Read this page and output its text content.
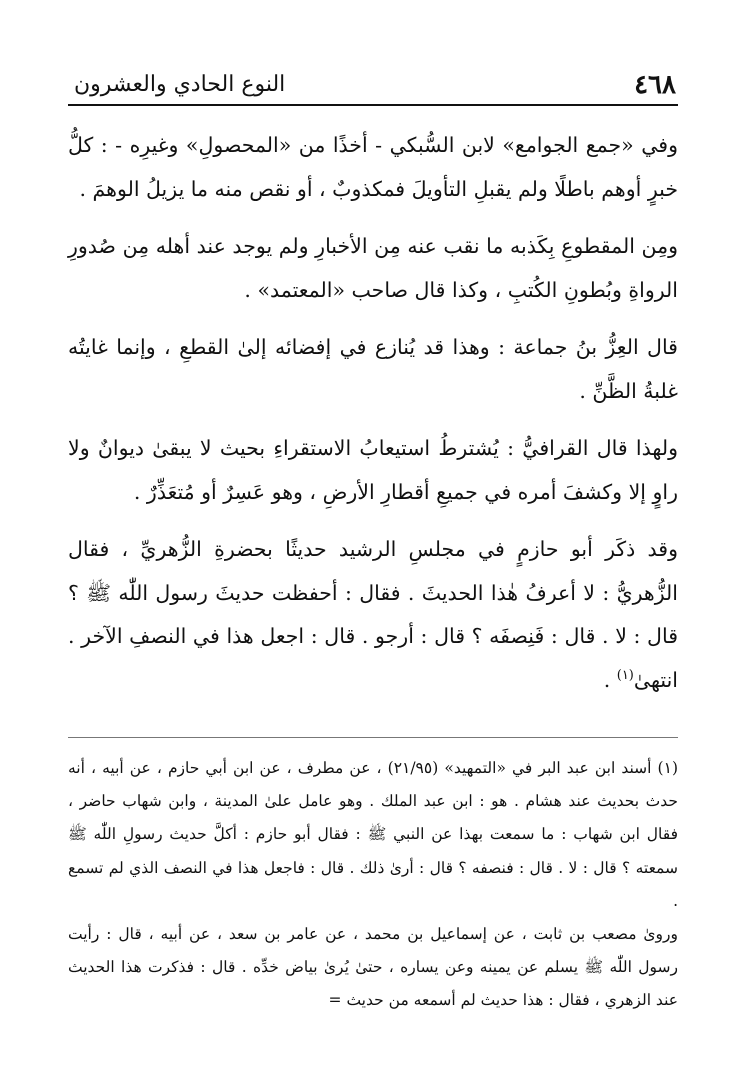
٤٦٨
النوع الحادي والعشرون

وفي «جمع الجوامع» لابن السُّبكي - أخذًا من «المحصولِ» وغيرِه - : كلُّ خبرٍ أوهم باطلًا ولم يقبلِ التأويلَ فمكذوبٌ ، أو نقص منه ما يزيلُ الوهمَ .

ومِن المقطوعِ بِكَذبه ما نقب عنه مِن الأخبارِ ولم يوجد عند أهله مِن صُدورِ الرواةِ وبُطونِ الكُتبِ ، وكذا قال صاحب «المعتمد» .

قال العِزُّ بنُ جماعة : وهذا قد يُنازع في إفضائه إلىٰ القطعِ ، وإنما غايتُه غلبةُ الظَّنِّ .

ولهذا قال القرافيُّ : يُشترطُ استيعابُ الاستقراءِ بحيث لا يبقىٰ ديوانٌ ولا راوٍ إلا وكشفَ أمره في جميعِ أقطارِ الأرضِ ، وهو عَسِرٌ أو مُتعَذِّرٌ .

وقد ذكَر أبو حازمٍ في مجلسِ الرشيد حديثًا بحضرةِ الزُّهريِّ ، فقال الزُّهريُّ : لا أعرفُ هٰذا الحديثَ . فقال : أحفظت حديثَ رسول اللّٰه ﷺ ؟ قال : لا . قال : فَنِصفَه ؟ قال : أرجو . قال : اجعل هذا في النصفِ الآخر . انتهىٰ$^{(١)}$ .

(١) أسند ابن عبد البر في «التمهيد» (٢١/٩٥) ، عن مطرف ، عن ابن أبي حازم ، عن أبيه ، أنه حدث بحديث عند هشام . هو : ابن عبد الملك . وهو عامل علىٰ المدينة ، وابن شهاب حاضر ، فقال ابن شهاب : ما سمعت بهذا عن النبي ﷺ : فقال أبو حازم : أكلَّ حديث رسولِ اللّٰه ﷺ سمعته ؟ قال : لا . قال : فنصفه ؟ قال : أرىٰ ذلك . قال : فاجعل هذا في النصف الذي لم تسمع .

وروىٰ مصعب بن ثابت ، عن إسماعيل بن محمد ، عن عامر بن سعد ، عن أبيه ، قال : رأيت رسول اللّٰه ﷺ يسلم عن يمينه وعن يساره ، حتىٰ يُرىٰ بياض خدِّه . قال : فذكرت هذا الحديث عند الزهري ، فقال : هذا حديث لم أسمعه من حديث =
